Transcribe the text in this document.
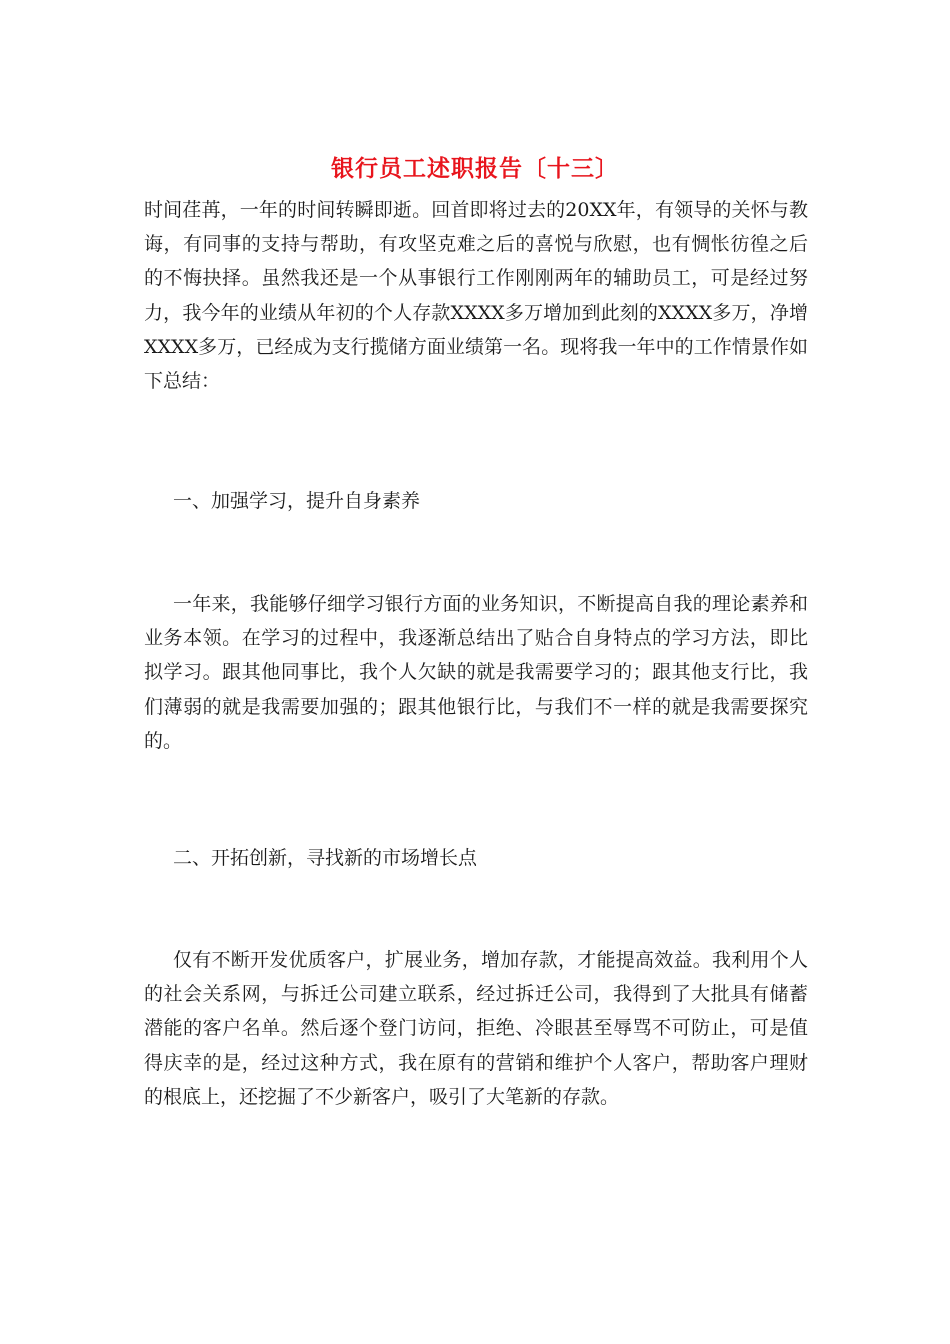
银行员工述职报告〔十三〕

时间荏苒，一年的时间转瞬即逝。回首即将过去的20XX年，有领导的关怀与教诲，有同事的支持与帮助，有攻坚克难之后的喜悦与欣慰，也有惆怅彷徨之后的不悔抉择。虽然我还是一个从事银行工作刚刚两年的辅助员工，可是经过努力，我今年的业绩从年初的个人存款XXXX多万增加到此刻的XXXX多万，净增XXXX多万，已经成为支行揽储方面业绩第一名。现将我一年中的工作情景作如下总结：

一、加强学习，提升自身素养

一年来，我能够仔细学习银行方面的业务知识，不断提高自我的理论素养和业务本领。在学习的过程中，我逐渐总结出了贴合自身特点的学习方法，即比拟学习。跟其他同事比，我个人欠缺的就是我需要学习的；跟其他支行比，我们薄弱的就是我需要加强的；跟其他银行比，与我们不一样的就是我需要探究的。

二、开拓创新，寻找新的市场增长点

仅有不断开发优质客户，扩展业务，增加存款，才能提高效益。我利用个人的社会关系网，与拆迁公司建立联系，经过拆迁公司，我得到了大批具有储蓄潜能的客户名单。然后逐个登门访问，拒绝、冷眼甚至辱骂不可防止，可是值得庆幸的是，经过这种方式，我在原有的营销和维护个人客户，帮助客户理财的根底上，还挖掘了不少新客户，吸引了大笔新的存款。
